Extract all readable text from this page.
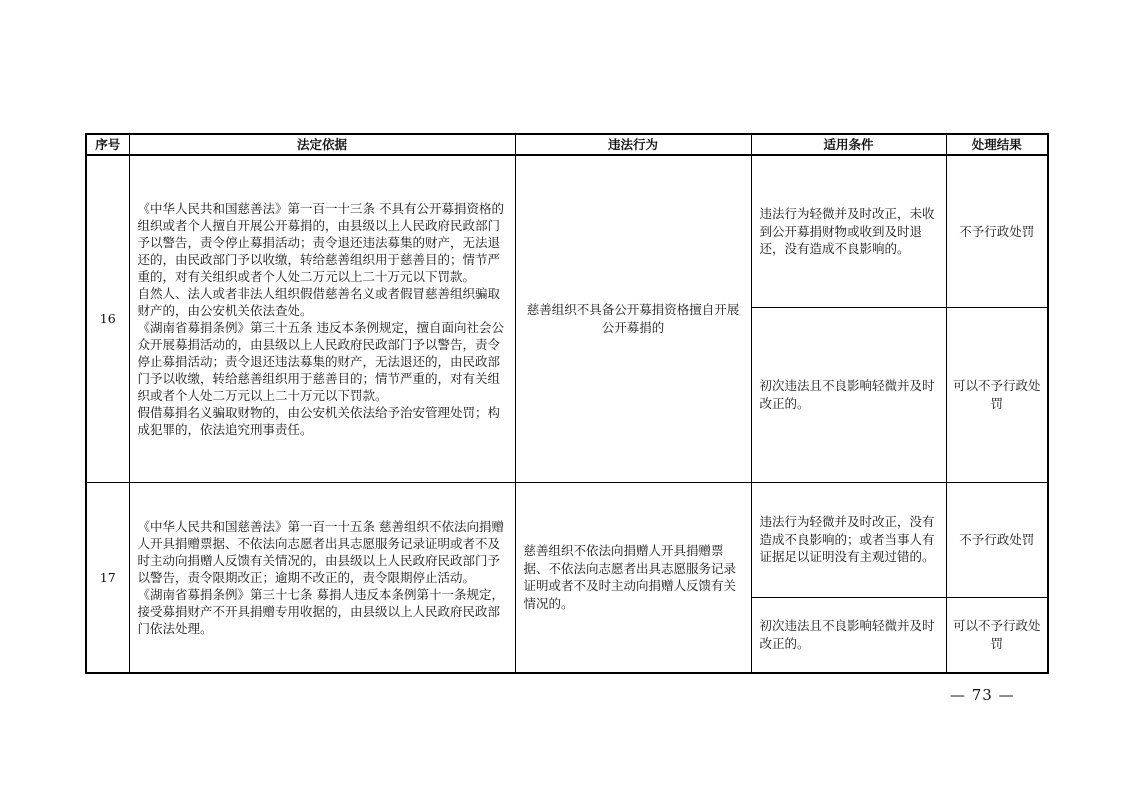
序号	法定依据	违法行为	适用条件	处理结果
16	《中华人民共和国慈善法》第一百一十三条 不具有公开募捐资格的组织或者个人擅自开展公开募捐的，由县级以上人民政府民政部门予以警告，责令停止募捐活动；责令退还违法募集的财产，无法退还的，由民政部门予以收缴，转给慈善组织用于慈善目的；情节严重的，对有关组织或者个人处二万元以上二十万元以下罚款。

自然人、法人或者非法人组织假借慈善名义或者假冒慈善组织骗取财产的，由公安机关依法查处。

《湖南省募捐条例》第三十五条 违反本条例规定，擅自面向社会公众开展募捐活动的，由县级以上人民政府民政部门予以警告，责令停止募捐活动；责令退还违法募集的财产，无法退还的，由民政部门予以收缴，转给慈善组织用于慈善目的；情节严重的，对有关组织或者个人处二万元以上二十万元以下罚款。

假借募捐名义骗取财物的，由公安机关依法给予治安管理处罚；构成犯罪的，依法追究刑事责任。	慈善组织不具备公开募捐资格擅自开展公开募捐的	违法行为轻微并及时改正，未收到公开募捐财物或收到及时退还，没有造成不良影响的。	不予行政处罚
			初次违法且不良影响轻微并及时改正的。	可以不予行政处罚
17	《中华人民共和国慈善法》第一百一十五条 慈善组织不依法向捐赠人开具捐赠票据、不依法向志愿者出具志愿服务记录证明或者不及时主动向捐赠人反馈有关情况的，由县级以上人民政府民政部门予以警告，责令限期改正；逾期不改正的，责令限期停止活动。

《湖南省募捐条例》第三十七条 募捐人违反本条例第十一条规定，接受募捐财产不开具捐赠专用收据的，由县级以上人民政府民政部门依法处理。	慈善组织不依法向捐赠人开具捐赠票据、不依法向志愿者出具志愿服务记录证明或者不及时主动向捐赠人反馈有关情况的。	违法行为轻微并及时改正，没有造成不良影响的；或者当事人有证据足以证明没有主观过错的。	不予行政处罚
			初次违法且不良影响轻微并及时改正的。	可以不予行政处罚
— 73 —
